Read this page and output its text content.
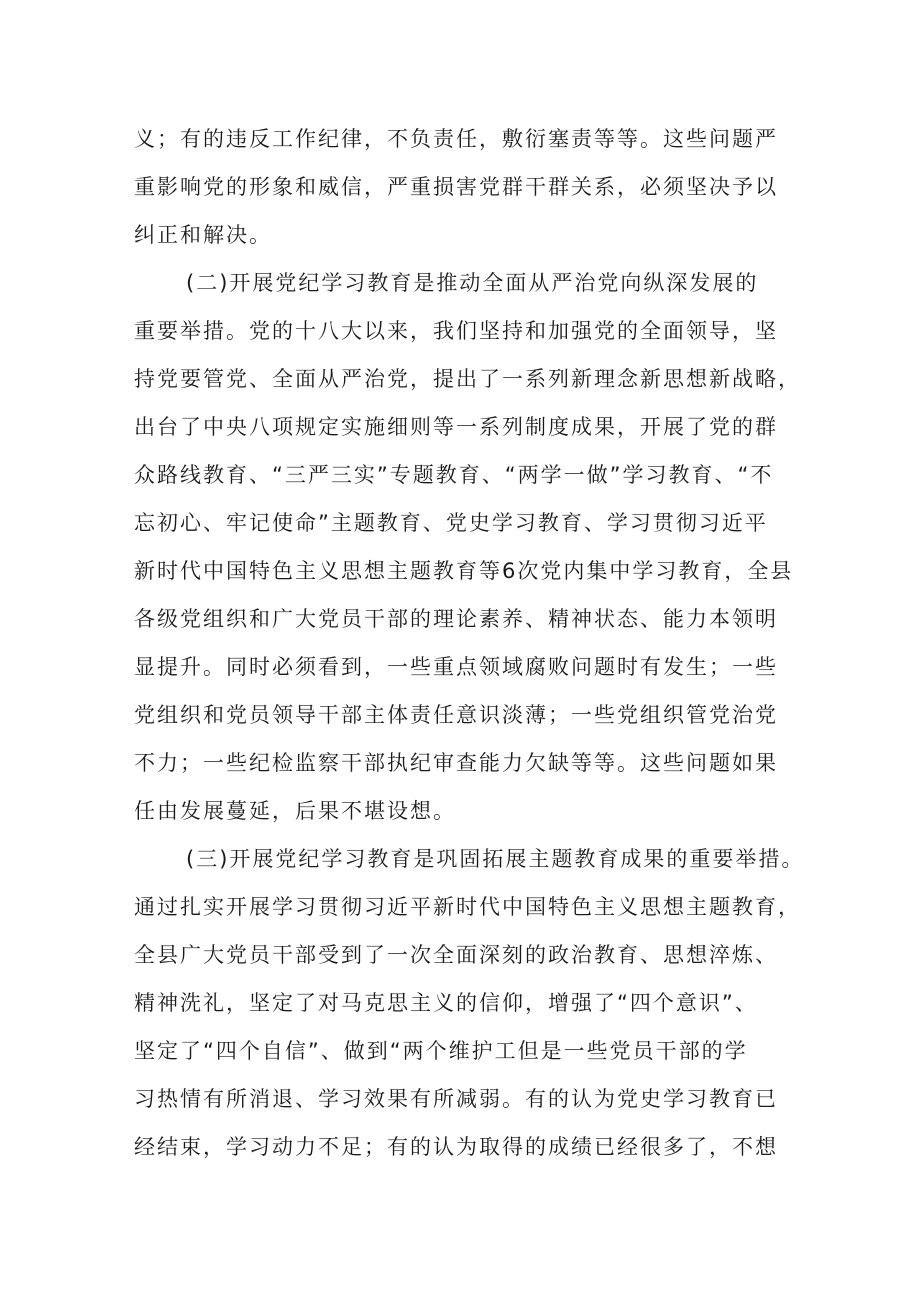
义；有的违反工作纪律，不负责任，敷衍塞责等等。这些问题严
重影响党的形象和威信，严重损害党群干群关系，必须坚决予以
纠正和解决。
(二)开展党纪学习教育是推动全面从严治党向纵深发展的
重要举措。党的十八大以来，我们坚持和加强党的全面领导，坚
持党要管党、全面从严治党，提出了一系列新理念新思想新战略，
出台了中央八项规定实施细则等一系列制度成果，开展了党的群
众路线教育、“三严三实”专题教育、“两学一做”学习教育、“不
忘初心、牢记使命”主题教育、党史学习教育、学习贯彻习近平
新时代中国特色主义思想主题教育等6次党内集中学习教育，全县
各级党组织和广大党员干部的理论素养、精神状态、能力本领明
显提升。同时必须看到，一些重点领域腐败问题时有发生；一些
党组织和党员领导干部主体责任意识淡薄；一些党组织管党治党
不力；一些纪检监察干部执纪审查能力欠缺等等。这些问题如果
任由发展蔓延，后果不堪设想。
(三)开展党纪学习教育是巩固拓展主题教育成果的重要举措。
通过扎实开展学习贯彻习近平新时代中国特色主义思想主题教育，
全县广大党员干部受到了一次全面深刻的政治教育、思想淬炼、
精神洗礼，坚定了对马克思主义的信仰，增强了“四个意识”、
坚定了“四个自信”、做到“两个维护工但是一些党员干部的学
习热情有所消退、学习效果有所减弱。有的认为党史学习教育已
经结束，学习动力不足；有的认为取得的成绩已经很多了，不想
